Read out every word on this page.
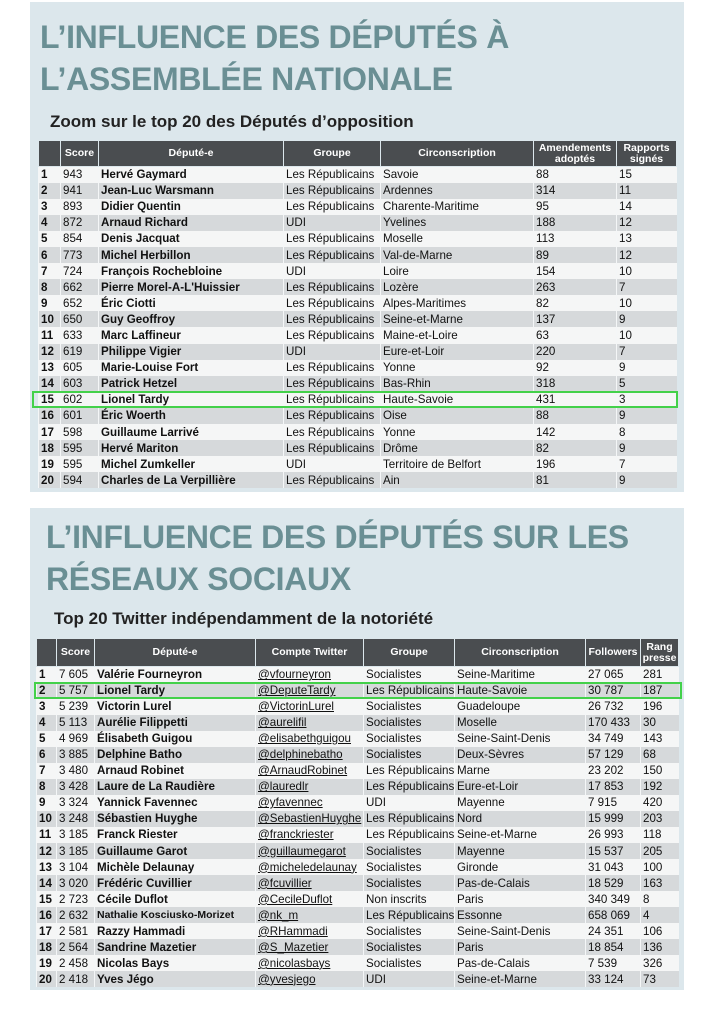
L’INFLUENCE DES DÉPUTÉS À
L’ASSEMBLÉE NATIONALE
Zoom sur le top 20 des Députés d’opposition
	Score	Député-e	Groupe	Circonscription	Amendements adoptés	Rapports signés
1	943	Hervé Gaymard	Les Républicains	Savoie	88	15
2	941	Jean-Luc Warsmann	Les Républicains	Ardennes	314	11
3	893	Didier Quentin	Les Républicains	Charente-Maritime	95	14
4	872	Arnaud Richard	UDI	Yvelines	188	12
5	854	Denis Jacquat	Les Républicains	Moselle	113	13
6	773	Michel Herbillon	Les Républicains	Val-de-Marne	89	12
7	724	François Rochebloine	UDI	Loire	154	10
8	662	Pierre Morel-A-L'Huissier	Les Républicains	Lozère	263	7
9	652	Éric Ciotti	Les Républicains	Alpes-Maritimes	82	10
10	650	Guy Geoffroy	Les Républicains	Seine-et-Marne	137	9
11	633	Marc Laffineur	Les Républicains	Maine-et-Loire	63	10
12	619	Philippe Vigier	UDI	Eure-et-Loir	220	7
13	605	Marie-Louise Fort	Les Républicains	Yonne	92	9
14	603	Patrick Hetzel	Les Républicains	Bas-Rhin	318	5
15	602	Lionel Tardy	Les Républicains	Haute-Savoie	431	3
16	601	Éric Woerth	Les Républicains	Oise	88	9
17	598	Guillaume Larrivé	Les Républicains	Yonne	142	8
18	595	Hervé Mariton	Les Républicains	Drôme	82	9
19	595	Michel Zumkeller	UDI	Territoire de Belfort	196	7
20	594	Charles de La Verpillière	Les Républicains	Ain	81	9
L’INFLUENCE DES DÉPUTÉS SUR LES
RÉSEAUX SOCIAUX
Top 20 Twitter indépendamment de la notoriété
	Score	Député-e	Compte Twitter	Groupe	Circonscription	Followers	Rang presse
1	7 605	Valérie Fourneyron	@vfourneyron	Socialistes	Seine-Maritime	27 065	281
2	5 757	Lionel Tardy	@DeputeTardy	Les Républicains	Haute-Savoie	30 787	187
3	5 239	Victorin Lurel	@VictorinLurel	Socialistes	Guadeloupe	26 732	196
4	5 113	Aurélie Filippetti	@aurelifil	Socialistes	Moselle	170 433	30
5	4 969	Élisabeth Guigou	@elisabethguigou	Socialistes	Seine-Saint-Denis	34 749	143
6	3 885	Delphine Batho	@delphinebatho	Socialistes	Deux-Sèvres	57 129	68
7	3 480	Arnaud Robinet	@ArnaudRobinet	Les Républicains	Marne	23 202	150
8	3 428	Laure de La Raudière	@lauredlr	Les Républicains	Eure-et-Loir	17 853	192
9	3 324	Yannick Favennec	@yfavennec	UDI	Mayenne	7 915	420
10	3 248	Sébastien Huyghe	@SebastienHuyghe	Les Républicains	Nord	15 999	203
11	3 185	Franck Riester	@franckriester	Les Républicains	Seine-et-Marne	26 993	118
12	3 185	Guillaume Garot	@guillaumegarot	Socialistes	Mayenne	15 537	205
13	3 104	Michèle Delaunay	@micheledelaunay	Socialistes	Gironde	31 043	100
14	3 020	Frédéric Cuvillier	@fcuvillier	Socialistes	Pas-de-Calais	18 529	163
15	2 723	Cécile Duflot	@CecileDuflot	Non inscrits	Paris	340 349	8
16	2 632	Nathalie Kosciusko-Morizet	@nk_m	Les Républicains	Essonne	658 069	4
17	2 581	Razzy Hammadi	@RHammadi	Socialistes	Seine-Saint-Denis	24 351	106
18	2 564	Sandrine Mazetier	@S_Mazetier	Socialistes	Paris	18 854	136
19	2 458	Nicolas Bays	@nicolasbays	Socialistes	Pas-de-Calais	7 539	326
20	2 418	Yves Jégo	@yvesjego	UDI	Seine-et-Marne	33 124	73
